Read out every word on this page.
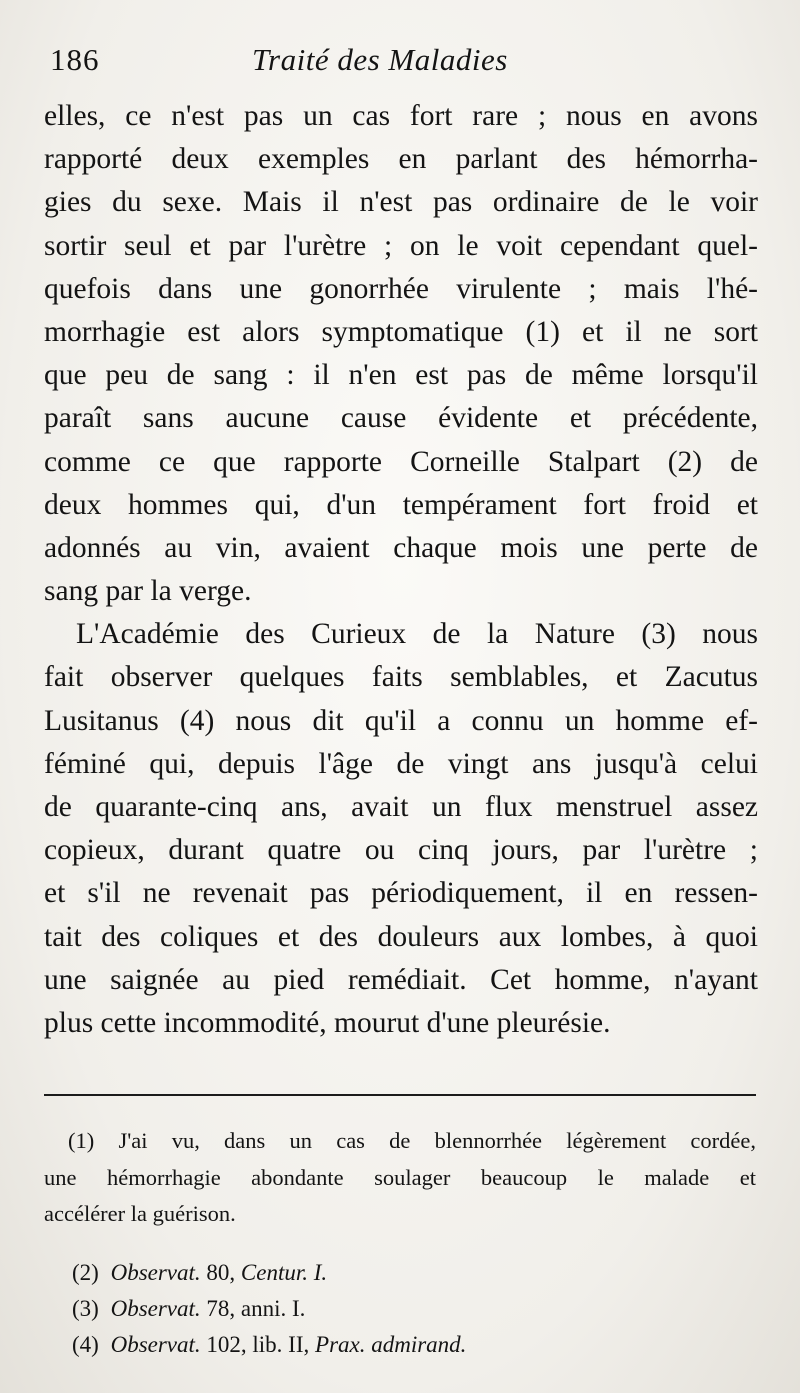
186	Traité des Maladies
elles, ce n'est pas un cas fort rare ; nous en avons
rapporté deux exemples en parlant des hémorrha-
gies du sexe. Mais il n'est pas ordinaire de le voir
sortir seul et par l'urètre ; on le voit cependant quel-
quefois dans une gonorrhée virulente ; mais l'hé-
morrhagie est alors symptomatique (1) et il ne sort
que peu de sang : il n'en est pas de même lorsqu'il
paraît sans aucune cause évidente et précédente,
comme ce que rapporte Corneille Stalpart (2) de
deux hommes qui, d'un tempérament fort froid et
adonnés au vin, avaient chaque mois une perte de
sang par la verge.
L'Académie des Curieux de la Nature (3) nous
fait observer quelques faits semblables, et Zacutus
Lusitanus (4) nous dit qu'il a connu un homme ef-
féminé qui, depuis l'âge de vingt ans jusqu'à celui
de quarante-cinq ans, avait un flux menstruel assez
copieux, durant quatre ou cinq jours, par l'urètre ;
et s'il ne revenait pas périodiquement, il en ressen-
tait des coliques et des douleurs aux lombes, à quoi
une saignée au pied remédiait. Cet homme, n'ayant
plus cette incommodité, mourut d'une pleurésie.
(1) J'ai vu, dans un cas de blennorrhée légèrement cordée,
une hémorrhagie abondante soulager beaucoup le malade et
accélérer la guérison.
(2) Observat. 80, Centur. I.
(3) Observat. 78, anni. I.
(4) Observat. 102, lib. II, Prax. admirand.
